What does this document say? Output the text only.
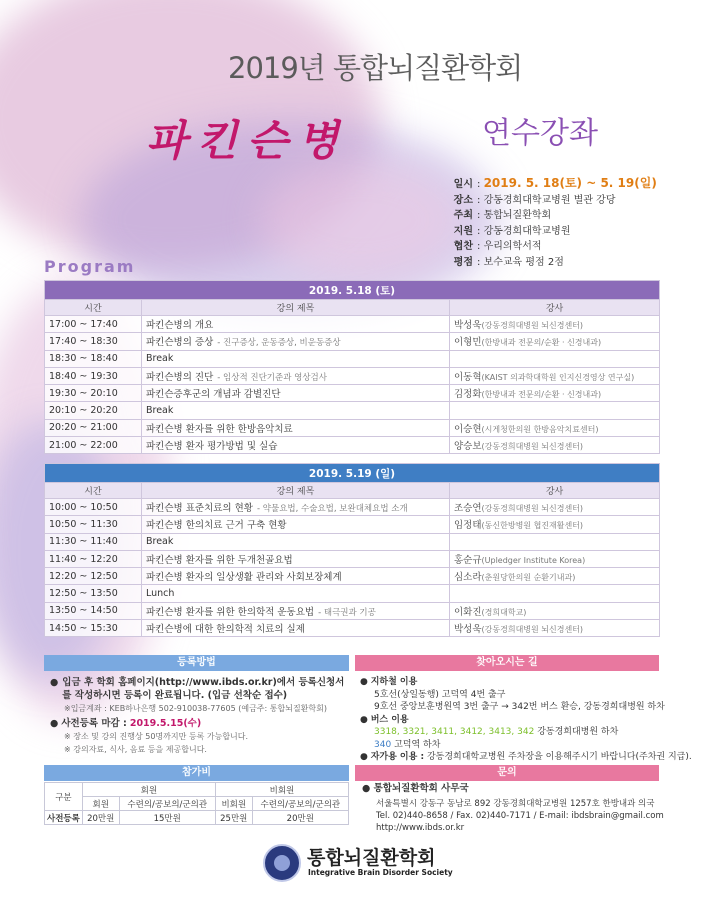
2019년 통합뇌질환학회
파킨슨병	연수강좌
일시 : 2019. 5. 18(토) ~ 5. 19(일)
장소 : 강동경희대학교병원 별관 강당
주최 : 통합뇌질환학회
지원 : 강동경희대학교병원
협찬 : 우리의학서적
평점 : 보수교육 평점 2점
Program
2019. 5.18 (토)		
시간	강의 제목	강사
17:00 ~ 17:40	파킨슨병의 개요	박성욱(강동경희대병원 뇌신경센터)
17:40 ~ 18:30	파킨슨병의 증상 - 진구증상, 운동증상, 비운동증상	이형민(한방내과 전문의/순환 · 신경내과)
18:30 ~ 18:40	Break	
18:40 ~ 19:30	파킨슨병의 진단 - 임상적 진단기준과 영상검사	이동혁(KAIST 의과학대학원 인지신경영상 연구실)
19:30 ~ 20:10	파킨슨증후군의 개념과 감별진단	김정화(한방내과 전문의/순환 · 신경내과)
20:10 ~ 20:20	Break	
20:20 ~ 21:00	파킨슨병 환자를 위한 한방음악치료	이승현(시게청한의원 한방음악치료센터)
21:00 ~ 22:00	파킨슨병 환자 평가방법 및 실습	양승보(강동경희대병원 뇌신경센터)
2019. 5.19 (일)		
시간	강의 제목	강사
10:00 ~ 10:50	파킨슨병 표준치료의 현황 - 약물요법, 수술요법, 보완대체요법 소개	조승연(강동경희대병원 뇌신경센터)
10:50 ~ 11:30	파킨슨병 한의치료 근거 구축 현황	임정태(동신한방병원 협진재활센터)
11:30 ~ 11:40	Break	
11:40 ~ 12:20	파킨슨병 환자를 위한 두개천골요법	홍순규(Upledger Institute Korea)
12:20 ~ 12:50	파킨슨병 환자의 일상생활 관리와 사회보장체계	심소라(춘원당한의원 순환기내과)
12:50 ~ 13:50	Lunch	
13:50 ~ 14:50	파킨슨병 환자를 위한 한의학적 운동요법 - 태극권과 기공	이화진(경희대학교)
14:50 ~ 15:30	파킨슨병에 대한 한의학적 치료의 실제	박성욱(강동경희대병원 뇌신경센터)
등록방법
● 입금 후 학회 홈페이지(http://www.ibds.or.kr)에서 등록신청서를 작성하시면 등록이 완료됩니다. (입금 선착순 접수)
※입금계좌 : KEB하나은행 502-910038-77605 (예금주: 통합뇌질환학회)
● 사전등록 마감 : 2019.5.15(수)
※ 장소 및 강의 진행상 50명까지만 등록 가능합니다.
※ 강의자료, 식사, 음료 등을 제공합니다.
찾아오시는 길
● 지하철 이용
5호선(상일동행) 고덕역 4번 출구
9호선 중앙보훈병원역 3번 출구 → 342번 버스 환승, 강동경희대병원 하차
● 버스 이용
3318, 3321, 3411, 3412, 3413, 342 강동경희대병원 하차
340 고덕역 하차
● 자가용 이용 : 강동경희대학교병원 주차장을 이용해주시기 바랍니다(주차권 지급).
참가비
구분	회원		비회원	
	회원	수련의/공보의/군의관	비회원	수련의/공보의/군의관
사전등록	20만원	15만원	25만원	20만원
문의
● 통합뇌질환학회 사무국
서울특별시 강동구 동남로 892 강동경희대학교병원 1257호 한방내과 의국
Tel. 02)440-8658 / Fax. 02)440-7171 / E-mail: ibdsbrain@gmail.com
http://www.ibds.or.kr
통합뇌질환학회
Integrative Brain Disorder Society
